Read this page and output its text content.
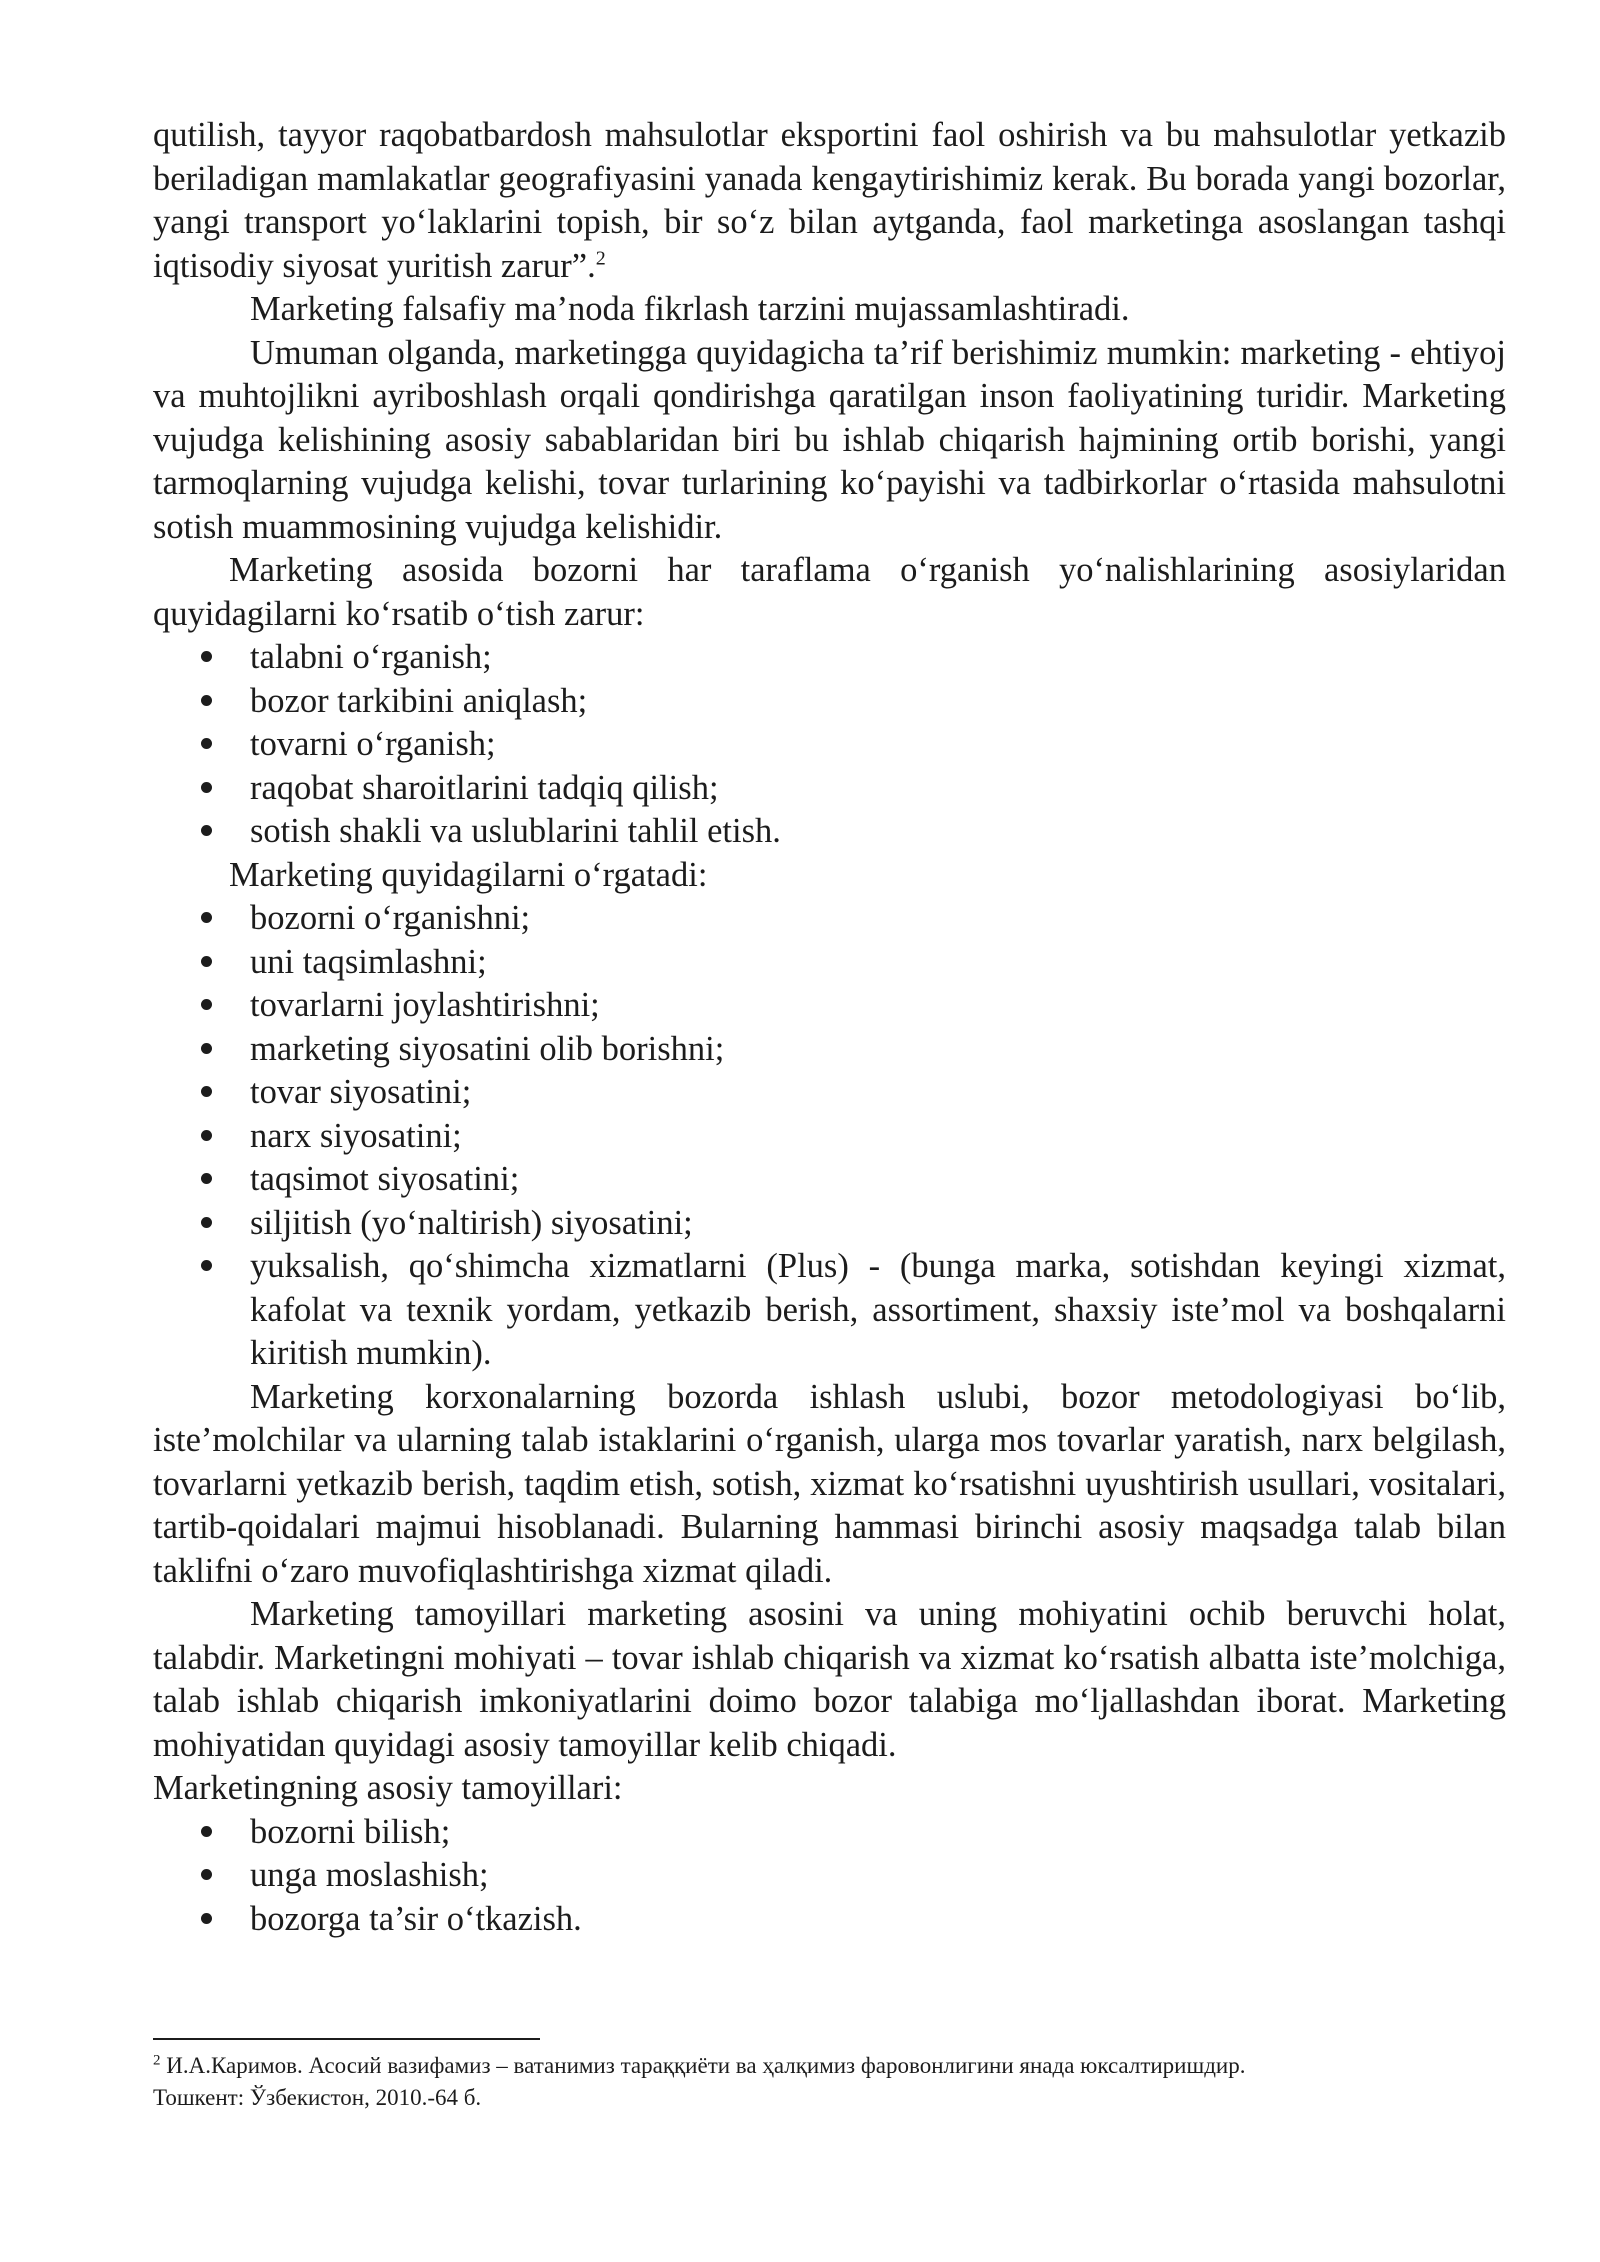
qutilish, tayyor raqobatbardosh mahsulotlar eksportini faol oshirish va bu mahsulotlar yetkazib beriladigan mamlakatlar geografiyasini yanada kengaytirishimiz kerak. Bu borada yangi bozorlar, yangi transport yo‘laklarini topish, bir so‘z bilan aytganda, faol marketinga asoslangan tashqi iqtisodiy siyosat yuritish zarur”.$^2$

Marketing falsafiy ma’noda fikrlash tarzini mujassamlashtiradi.

Umuman olganda, marketingga quyidagicha ta’rif berishimiz mumkin: marketing - ehtiyoj va muhtojlikni ayriboshlash orqali qondirishga qaratilgan inson faoliyatining turidir. Marketing vujudga kelishining asosiy sabablaridan biri bu ishlab chiqarish hajmining ortib borishi, yangi tarmoqlarning vujudga kelishi, tovar turlarining ko‘payishi va tadbirkorlar o‘rtasida mahsulotni sotish muammosining vujudga kelishidir.

Marketing asosida bozorni har taraflama o‘rganish yo‘nalishlarining asosiylaridan quyidagilarni ko‘rsatib o‘tish zarur:

talabni o‘rganish;
bozor tarkibini aniqlash;
tovarni o‘rganish;
raqobat sharoitlarini tadqiq qilish;
sotish shakli va uslublarini tahlil etish.

Marketing quyidagilarni o‘rgatadi:

bozorni o‘rganishni;
uni taqsimlashni;
tovarlarni joylashtirishni;
marketing siyosatini olib borishni;
tovar siyosatini;
narx siyosatini;
taqsimot siyosatini;
siljitish (yo‘naltirish) siyosatini;
yuksalish, qo‘shimcha xizmatlarni (Plus) - (bunga marka, sotishdan keyingi xizmat, kafolat va texnik yordam, yetkazib berish, assortiment, shaxsiy iste’mol va boshqalarni kiritish mumkin).

Marketing korxonalarning bozorda ishlash uslubi, bozor metodologiyasi bo‘lib, iste’molchilar va ularning talab istaklarini o‘rganish, ularga mos tovarlar yaratish, narx belgilash, tovarlarni yetkazib berish, taqdim etish, sotish, xizmat ko‘rsatishni uyushtirish usullari, vositalari, tartib-qoidalari majmui hisoblanadi. Bularning hammasi birinchi asosiy maqsadga talab bilan taklifni o‘zaro muvofiqlashtirishga xizmat qiladi.

Marketing tamoyillari marketing asosini va uning mohiyatini ochib beruvchi holat, talabdir. Marketingni mohiyati – tovar ishlab chiqarish va xizmat ko‘rsatish albatta iste’molchiga, talab ishlab chiqarish imkoniyatlarini doimo bozor talabiga mo‘ljallashdan iborat. Marketing mohiyatidan quyidagi asosiy tamoyillar kelib chiqadi.

Marketingning asosiy tamoyillari:

bozorni bilish;
unga moslashish;
bozorga ta’sir o‘tkazish.
$^2$ И.А.Каримов. Асосий вазифамиз – ватанимиз тараққиёти ва ҳалқимиз фаровонлигини янада юксалтиришдир.
Тошкент: Ўзбекистон, 2010.-64 б.
